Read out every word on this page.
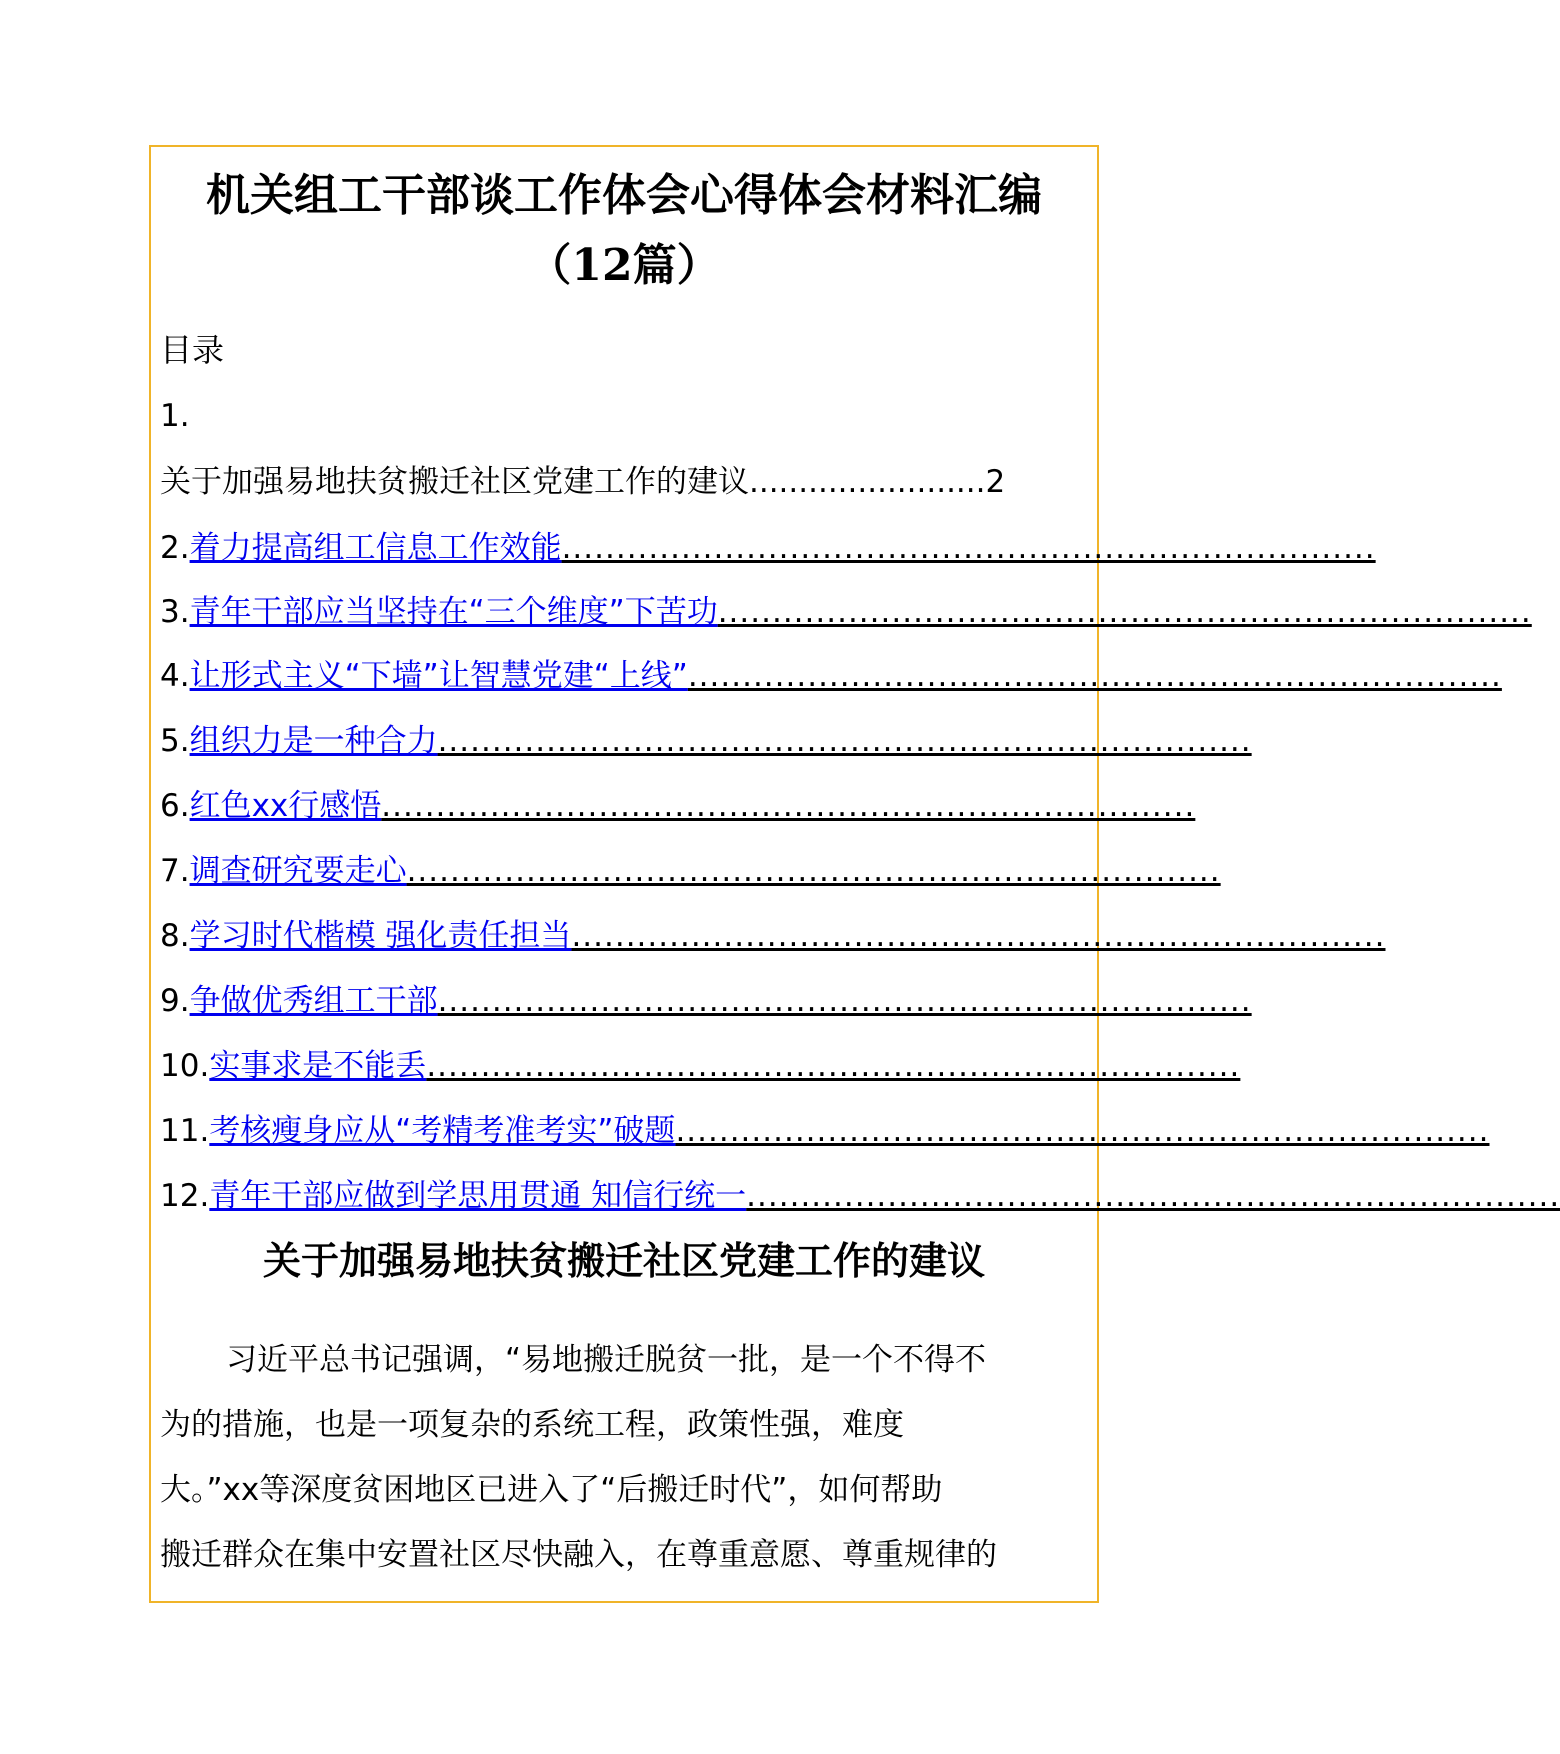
机关组工干部谈工作体会心得体会材料汇编
（12篇）
目录
1.
关于加强易地扶贫搬迁社区党建工作的建议........................2
2.着力提高组工信息工作效能...........................................................................
3.青年干部应当坚持在“三个维度”下苦功...........................................................................
4.让形式主义“下墙”让智慧党建“上线”...........................................................................
5.组织力是一种合力...........................................................................
6.红色xx行感悟...........................................................................
7.调查研究要走心...........................................................................
8.学习时代楷模 强化责任担当...........................................................................
9.争做优秀组工干部...........................................................................
10.实事求是不能丢...........................................................................
11.考核瘦身应从“考精考准考实”破题...........................................................................
12.青年干部应做到学思用贯通 知信行统一...........................................................................
关于加强易地扶贫搬迁社区党建工作的建议
习近平总书记强调，“易地搬迁脱贫一批，是一个不得不
为的措施，也是一项复杂的系统工程，政策性强，难度
大。”xx等深度贫困地区已进入了“后搬迁时代”，如何帮助
搬迁群众在集中安置社区尽快融入，在尊重意愿、尊重规律的
